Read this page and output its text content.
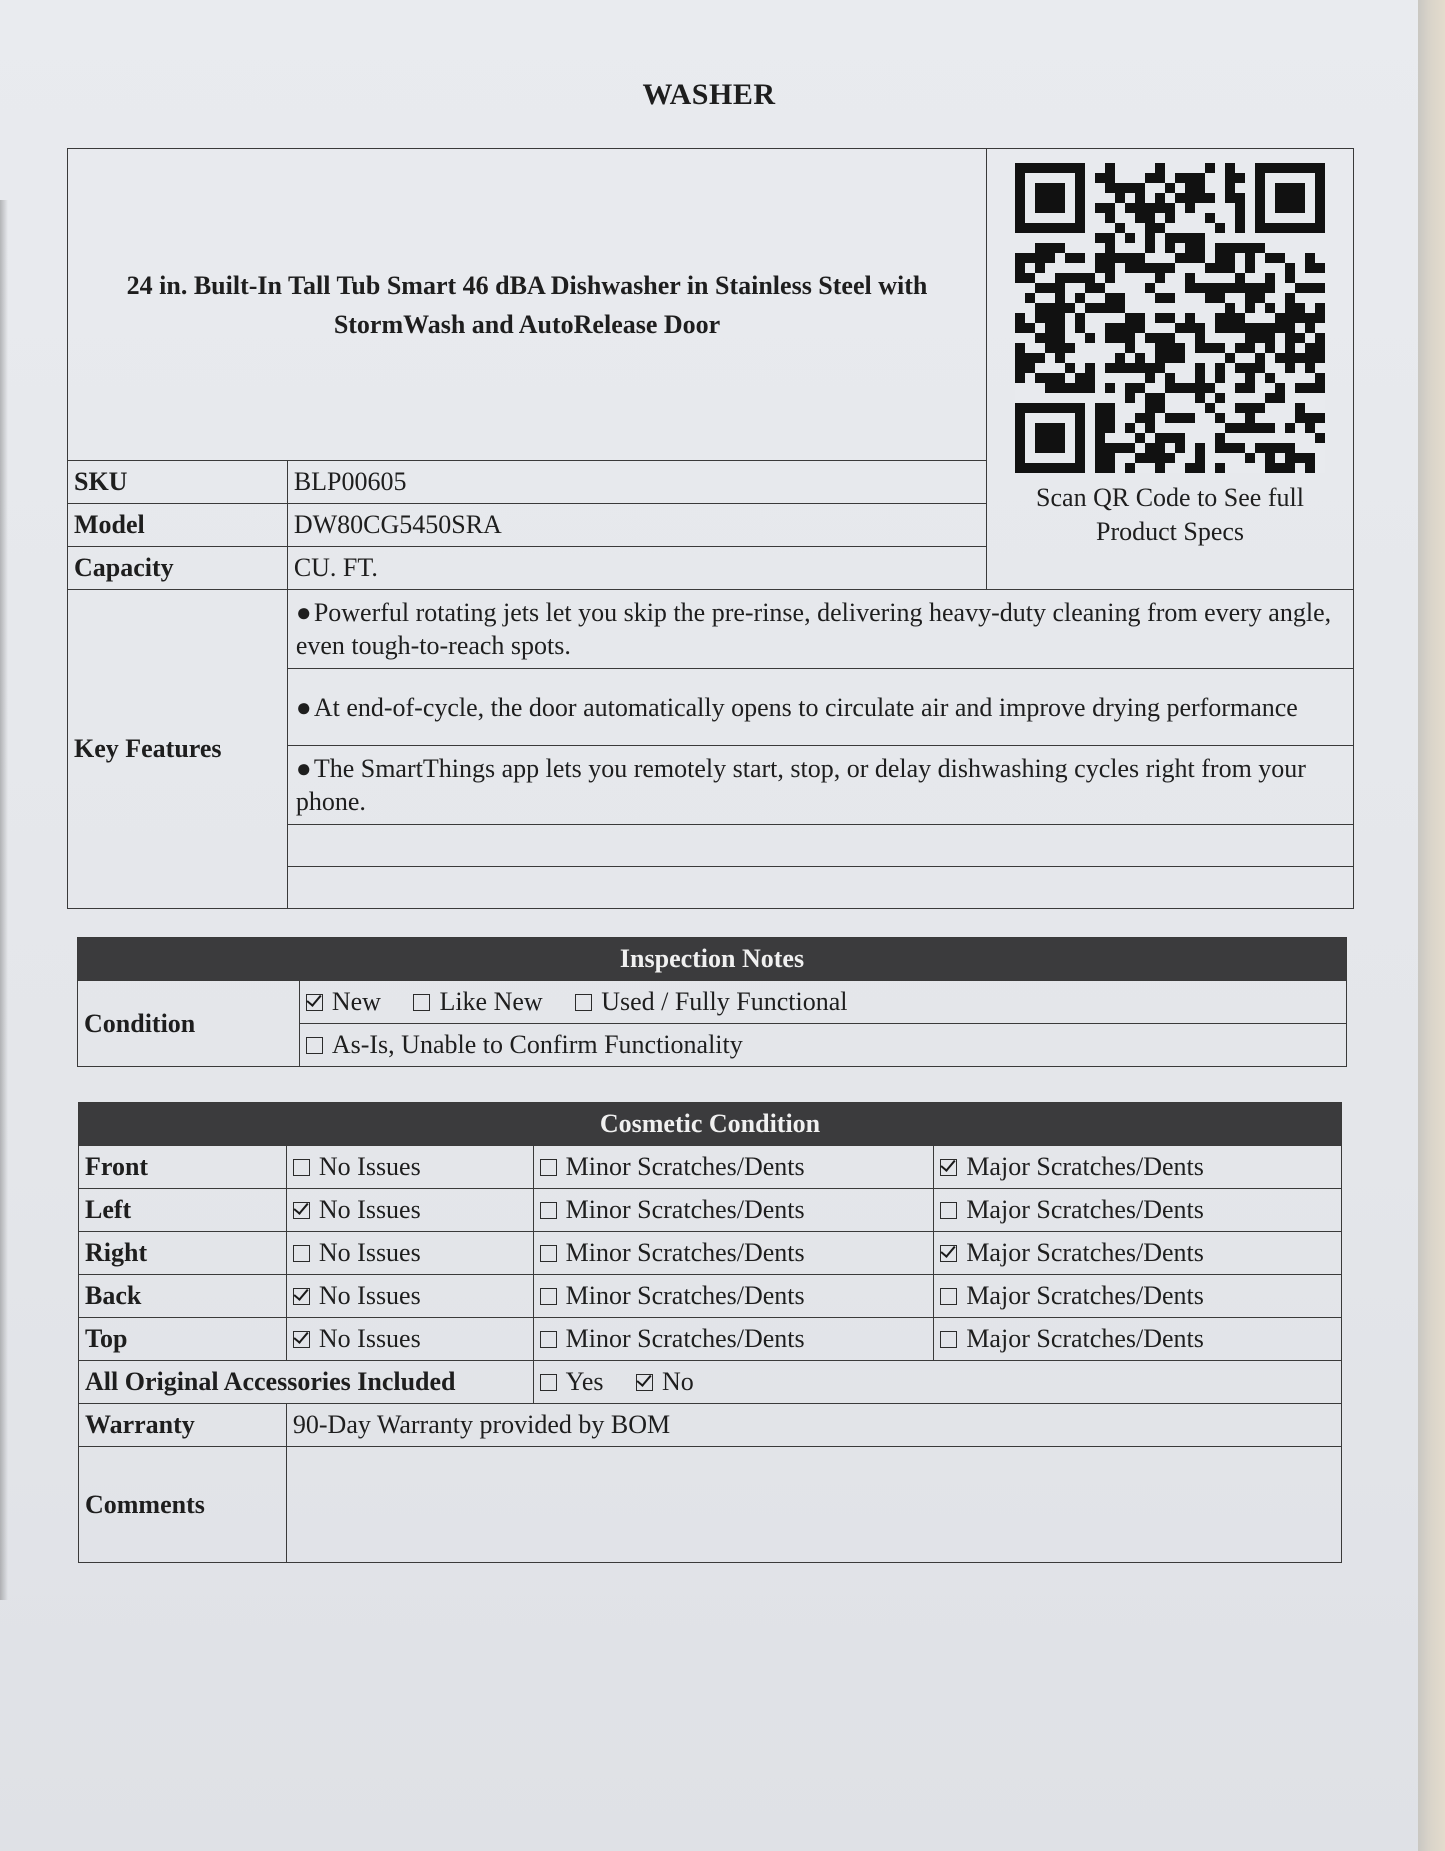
WASHER
24 in. Built-In Tall Tub Smart 46 dBA Dishwasher in Stainless Steel with StormWash and AutoRelease Door		Scan QR Code to See full Product Specs

SKU	BLP00605	
Model	DW80CG5450SRA	
Capacity	CU. FT.	
Key Features	●Powerful rotating jets let you skip the pre-rinse, delivering heavy-duty cleaning from every angle, even tough-to-reach spots.	
	●At end-of-cycle, the door automatically opens to circulate air and improve drying performance	
	●The SmartThings app lets you remotely start, stop, or delay dishwashing cycles right from your phone.	

Inspection Notes
Condition	New Like New Used / Fully Functional
As-Is, Unable to Confirm Functionality
Cosmetic Condition			
Front	No Issues	Minor Scratches/Dents	Major Scratches/Dents
Left	No Issues	Minor Scratches/Dents	Major Scratches/Dents
Right	No Issues	Minor Scratches/Dents	Major Scratches/Dents
Back	No Issues	Minor Scratches/Dents	Major Scratches/Dents
Top	No Issues	Minor Scratches/Dents	Major Scratches/Dents
All Original Accessories Included		Yes No	
Warranty	90-Day Warranty provided by BOM		
Comments			
